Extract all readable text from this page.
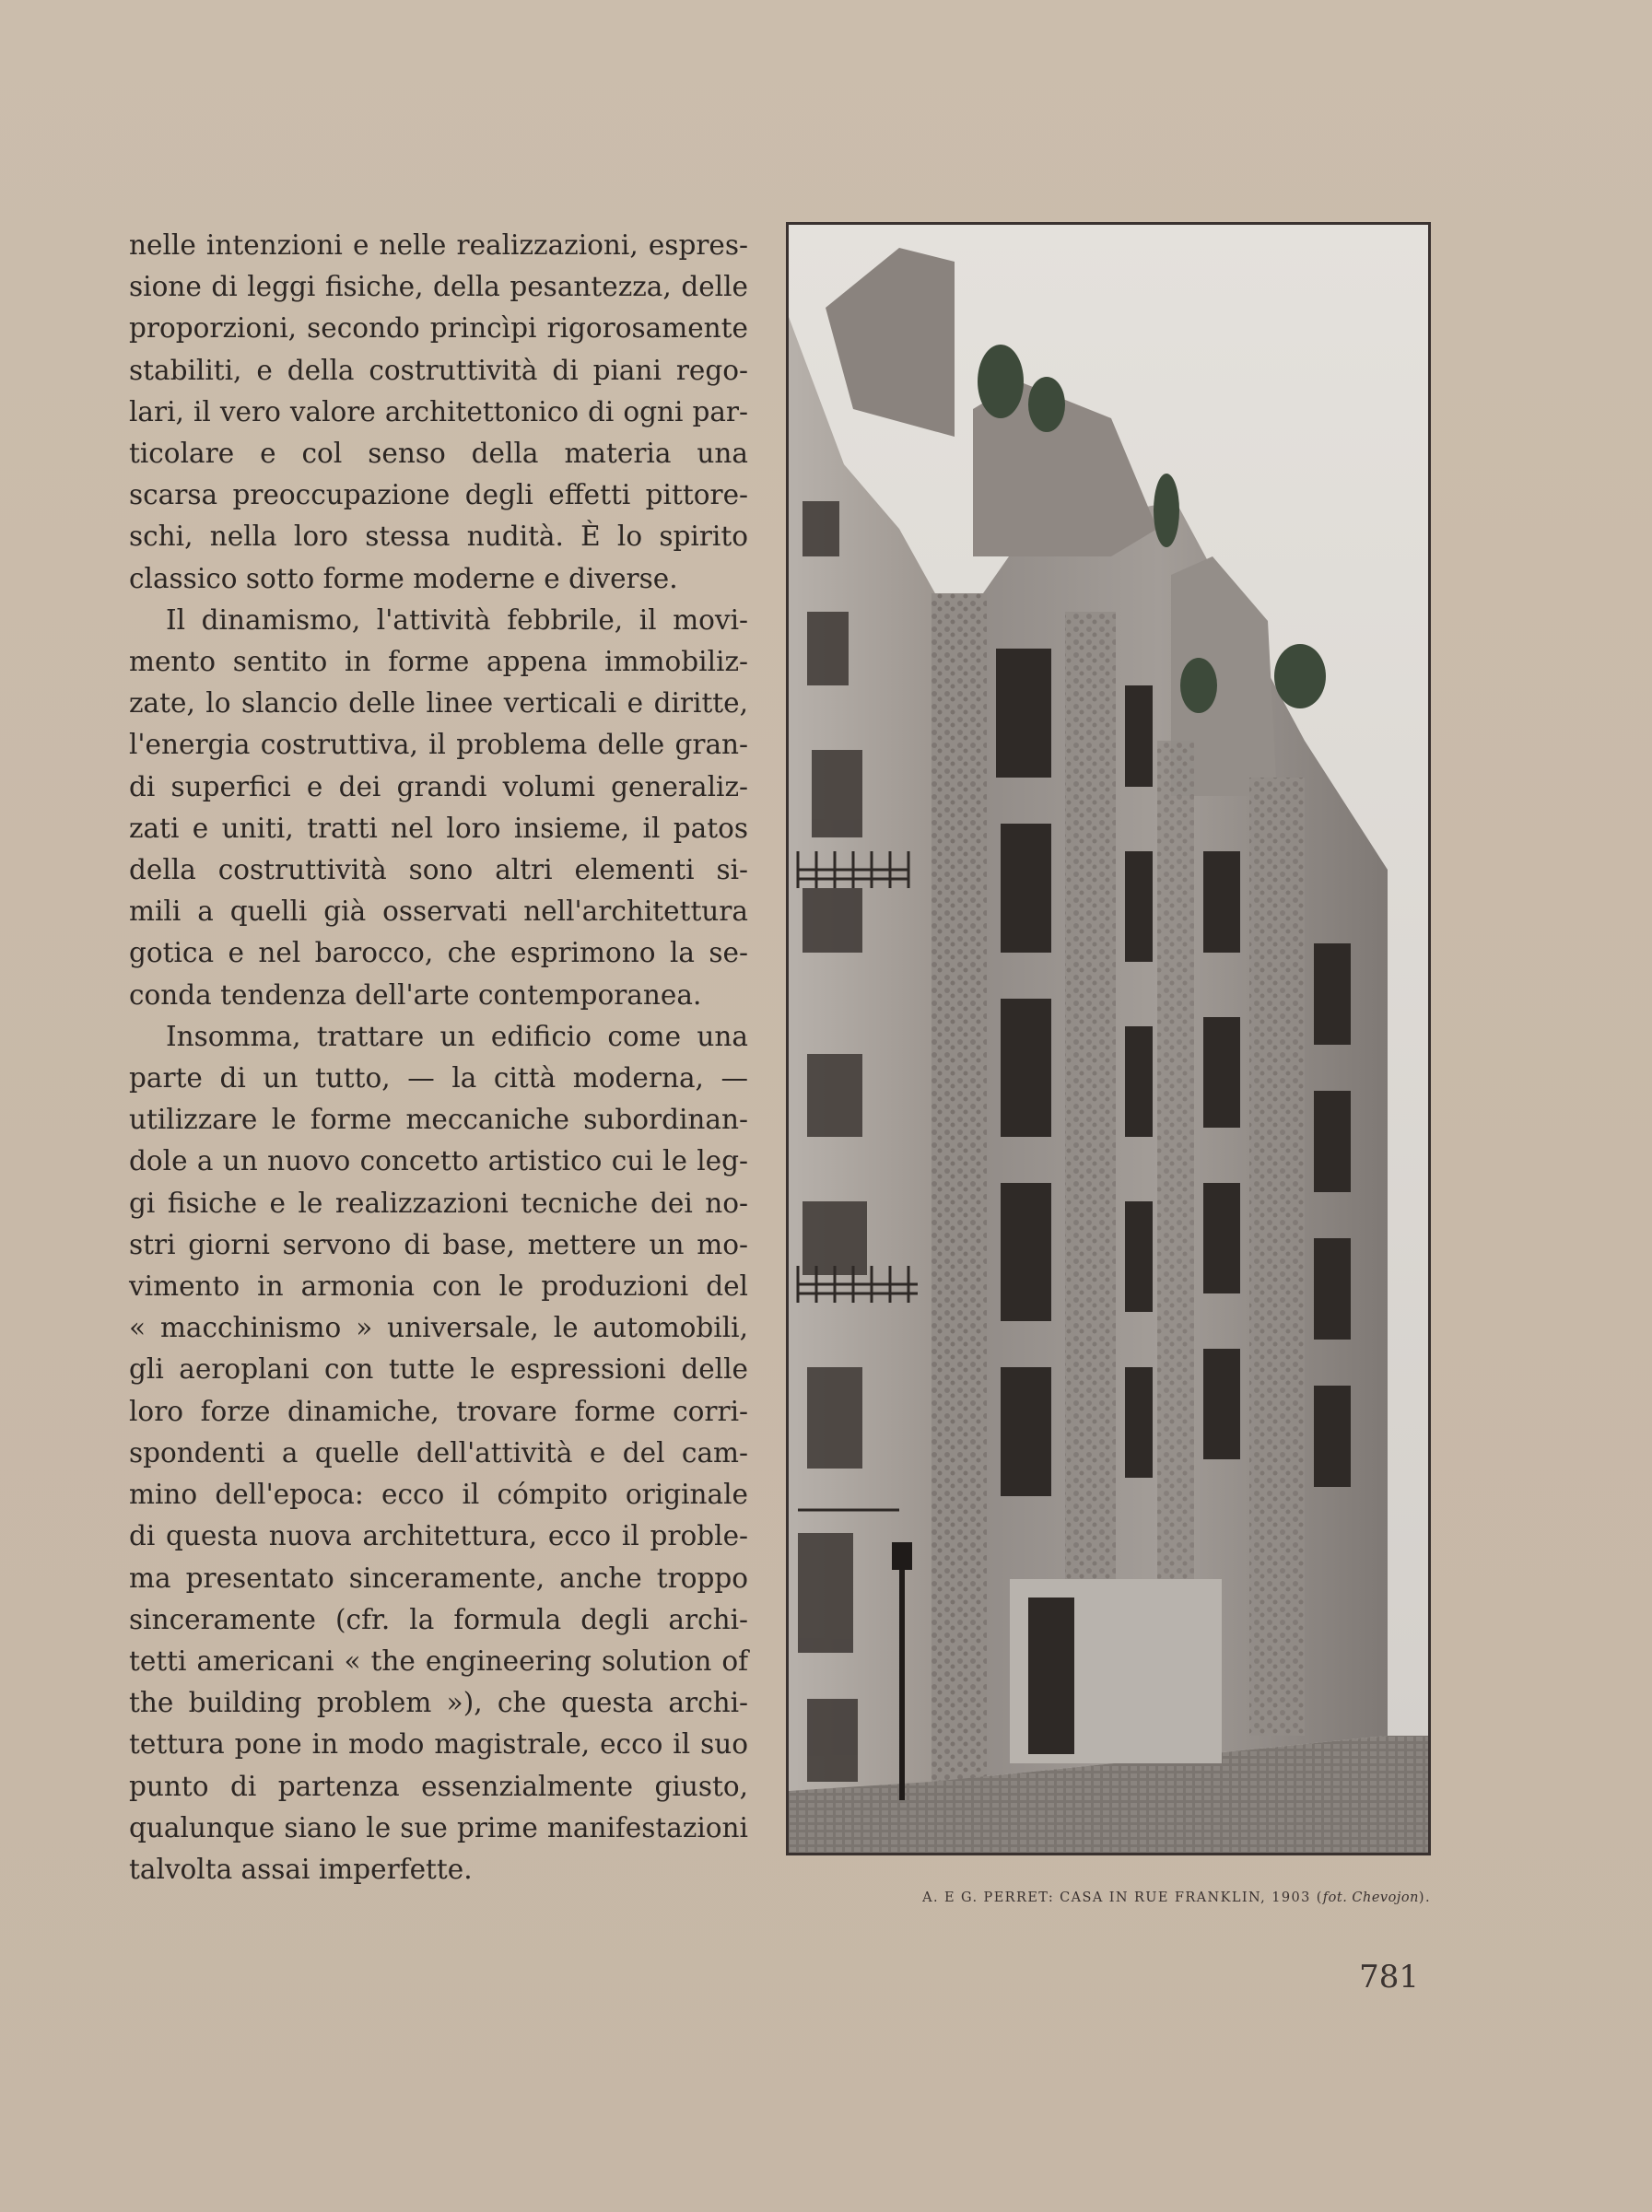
nelle intenzioni e nelle realizzazioni, espres-
sione di leggi fisiche, della pesantezza, delle
proporzioni, secondo princìpi rigorosamente
stabiliti, e della costruttività di piani rego-
lari, il vero valore architettonico di ogni par-
ticolare e col senso della materia una
scarsa preoccupazione degli effetti pittore-
schi, nella loro stessa nudità. È lo spirito
classico sotto forme moderne e diverse.

Il dinamismo, l'attività febbrile, il movi-
mento sentito in forme appena immobiliz-
zate, lo slancio delle linee verticali e diritte,
l'energia costruttiva, il problema delle gran-
di superfici e dei grandi volumi generaliz-
zati e uniti, tratti nel loro insieme, il patos
della costruttività sono altri elementi si-
mili a quelli già osservati nell'architettura
gotica e nel barocco, che esprimono la se-
conda tendenza dell'arte contemporanea.

Insomma, trattare un edificio come una
parte di un tutto, — la città moderna, —
utilizzare le forme meccaniche subordinan-
dole a un nuovo concetto artistico cui le leg-
gi fisiche e le realizzazioni tecniche dei no-
stri giorni servono di base, mettere un mo-
vimento in armonia con le produzioni del
« macchinismo » universale, le automobili,
gli aeroplani con tutte le espressioni delle
loro forze dinamiche, trovare forme corri-
spondenti a quelle dell'attività e del cam-
mino dell'epoca: ecco il cómpito originale
di questa nuova architettura, ecco il proble-
ma presentato sinceramente, anche troppo
sinceramente (cfr. la formula degli archi-
tetti americani « the engineering solution of
the building problem »), che questa archi-
tettura pone in modo magistrale, ecco il suo
punto di partenza essenzialmente giusto,
qualunque siano le sue prime manifestazioni
talvolta assai imperfette.

A. E G. PERRET: CASA IN RUE FRANKLIN, 1903 (fot. Chevojon).
781
